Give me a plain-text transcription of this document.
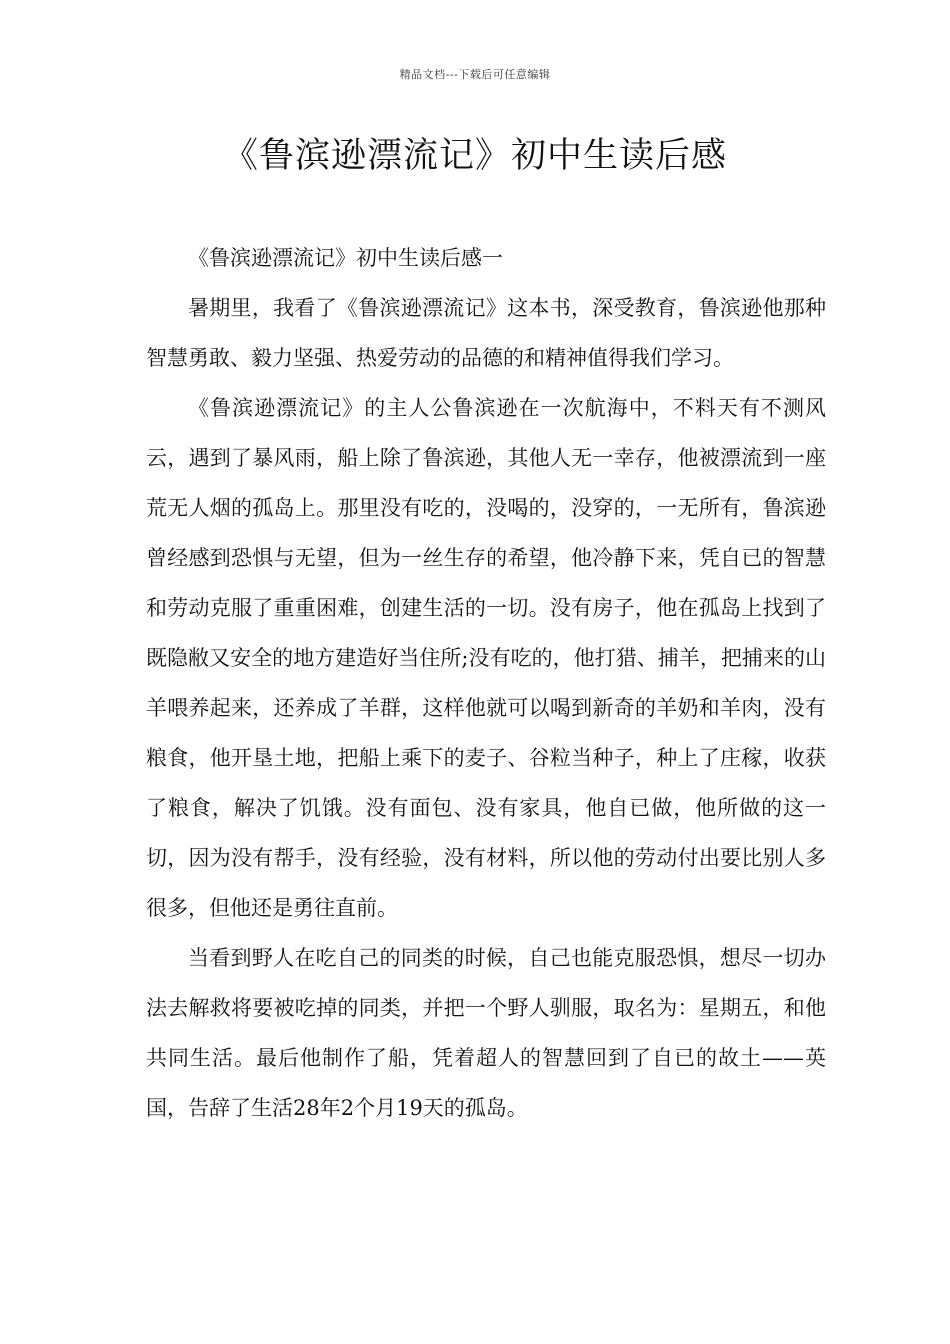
精品文档---下载后可任意编辑
《鲁滨逊漂流记》初中生读后感

《鲁滨逊漂流记》初中生读后感一

暑期里，我看了《鲁滨逊漂流记》这本书，深受教育，鲁滨逊他那种智慧勇敢、毅力坚强、热爱劳动的品德的和精神值得我们学习。

《鲁滨逊漂流记》的主人公鲁滨逊在一次航海中，不料天有不测风云，遇到了暴风雨，船上除了鲁滨逊，其他人无一幸存，他被漂流到一座荒无人烟的孤岛上。那里没有吃的，没喝的，没穿的，一无所有，鲁滨逊曾经感到恐惧与无望，但为一丝生存的希望，他冷静下来，凭自已的智慧和劳动克服了重重困难，创建生活的一切。没有房子，他在孤岛上找到了既隐敝又安全的地方建造好当住所;没有吃的，他打猎、捕羊，把捕来的山羊喂养起来，还养成了羊群，这样他就可以喝到新奇的羊奶和羊肉，没有粮食，他开垦土地，把船上乘下的麦子、谷粒当种子，种上了庄稼，收获了粮食，解决了饥饿。没有面包、没有家具，他自已做，他所做的这一切，因为没有帮手，没有经验，没有材料，所以他的劳动付出要比别人多很多，但他还是勇往直前。

当看到野人在吃自己的同类的时候，自己也能克服恐惧，想尽一切办法去解救将要被吃掉的同类，并把一个野人驯服，取名为：星期五，和他共同生活。最后他制作了船，凭着超人的智慧回到了自已的故土——英国，告辞了生活28年2个月19天的孤岛。
